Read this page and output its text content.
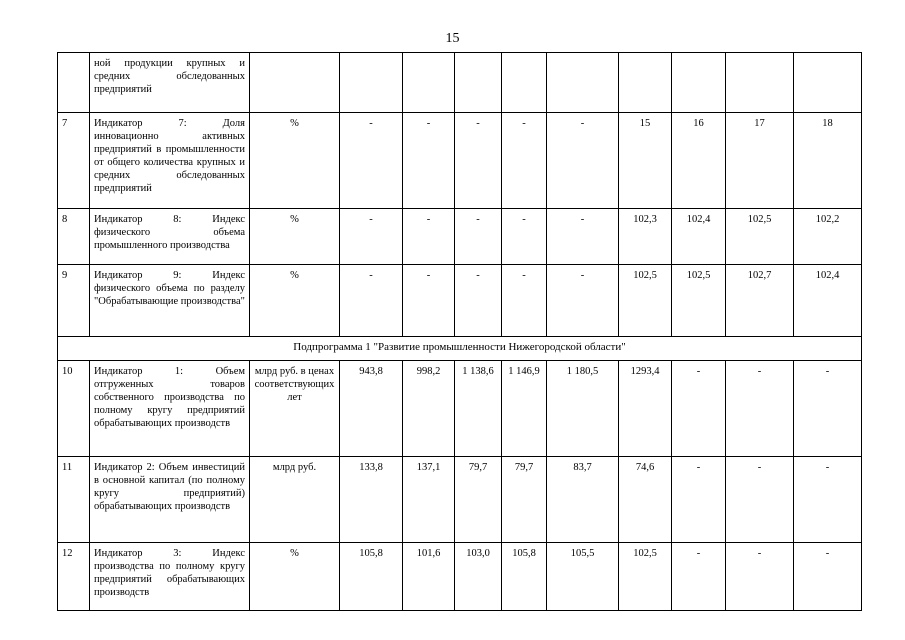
15
	ной продукции крупных и средних обследованных предприятий										
7	Индикатор 7: Доля инновационно активных предприятий в промышленности от общего количества крупных и средних обследованных предприятий	%	-	-	-	-	-	15	16	17	18
8	Индикатор 8: Индекс физического объема промышленного производства	%	-	-	-	-	-	102,3	102,4	102,5	102,2
9	Индикатор 9: Индекс физического объема по разделу "Обрабатывающие производства"	%	-	-	-	-	-	102,5	102,5	102,7	102,4
Подпрограмма 1 "Развитие промышленности Нижегородской области"											
10	Индикатор 1: Объем отгруженных товаров собственного производства по полному кругу предприятий обрабатывающих производств	млрд руб. в ценах соответствующих лет	943,8	998,2	1 138,6	1 146,9	1 180,5	1293,4	-	-	-
11	Индикатор 2: Объем инвестиций в основной капитал (по полному кругу предприятий) обрабатывающих производств	млрд руб.	133,8	137,1	79,7	79,7	83,7	74,6	-	-	-
12	Индикатор 3: Индекс производства по полному кругу предприятий обрабатывающих производств	%	105,8	101,6	103,0	105,8	105,5	102,5	-	-	-
